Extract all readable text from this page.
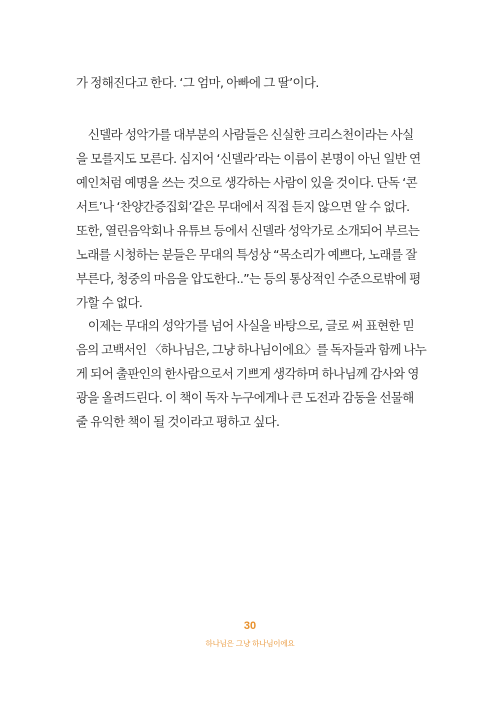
가 정해진다고 한다. ‘그 엄마, 아빠에 그 딸’이다.
　신델라 성악가를 대부분의 사람들은 신실한 크리스천이라는 사실
을 모를지도 모른다. 심지어 ‘신델라’라는 이름이 본명이 아닌 일반 연
예인처럼 예명을 쓰는 것으로 생각하는 사람이 있을 것이다. 단독 ‘콘
서트’나 ‘찬양간증집회’같은 무대에서 직접 듣지 않으면 알 수 없다.
또한, 열린음악회나 유튜브 등에서 신델라 성악가로 소개되어 부르는
노래를 시청하는 분들은 무대의 특성상 “목소리가 예쁘다, 노래를 잘
부른다, 청중의 마음을 압도한다..”는 등의 통상적인 수준으로밖에 평
가할 수 없다.
　이제는 무대의 성악가를 넘어 사실을 바탕으로, 글로 써 표현한 믿
음의 고백서인 〈하나님은, 그냥 하나님이에요〉를 독자들과 함께 나누
게 되어 출판인의 한사람으로서 기쁘게 생각하며 하나님께 감사와 영
광을 올려드린다. 이 책이 독자 누구에게나 큰 도전과 감동을 선물해
줄 유익한 책이 될 것이라고 평하고 싶다.
30
하나님은 그냥 하나님이에요
